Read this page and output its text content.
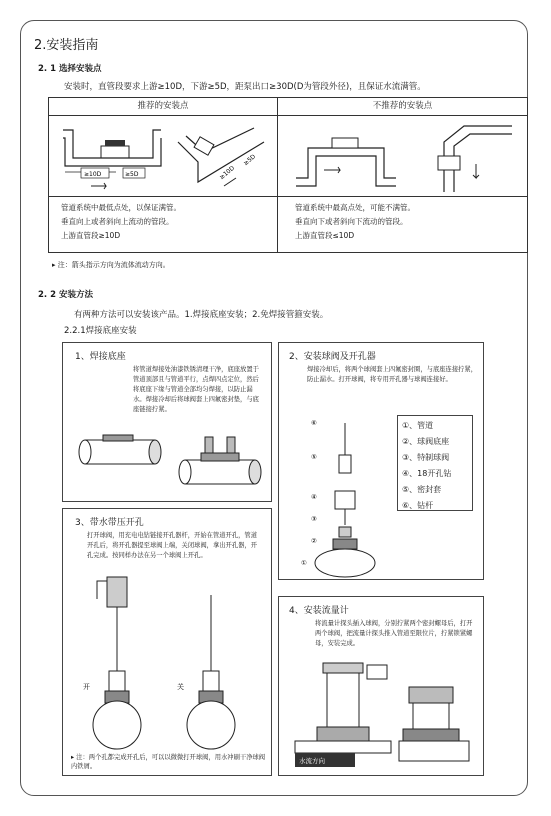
2.安装指南
2. 1 选择安装点
安装时，直管段要求上游≥10D，下游≥5D，距泵出口≥30D(D为管段外径)，且保证水流满管。
推荐的安装点	不推荐的安装点
≥10D	≥5D	≥10D
≥5D
管道系统中最低点处，以保证满管。
垂直向上或者斜向上流动的管段。
上游直管段≥10D
管道系统中最高点处，可能不满管。
垂直向下或者斜向下流动的管段。
上游直管段≤10D
▸ 注：箭头指示方向为流体流动方向。
2. 2 安装方法
有两种方法可以安装该产品。1.焊接底座安装；2.免焊接管箍安装。
2.2.1焊接底座安装
1、焊接底座
将管道焊接处油漆铁锈清理干净，底座放置于管道顶部且与管道平行，点焊四点定位，然后将底座下缘与管道全部均匀焊接，以防止漏水。焊接冷却后将球阀套上四氟密封垫，与底座链接拧紧。
2、安装球阀及开孔器
焊接冷却后，将两个球阀套上四氟密封圈，与底座连接拧紧，防止漏水。打开球阀，将专用开孔器与球阀连接好。
⑥
⑤
④
③
②
①
①、管道
②、球阀底座
③、特制球阀
④、18开孔钻
⑤、密封套
⑥、钻杆
3、带水带压开孔
打开球阀，用充电电钻链接开孔器杆，开始在管道开孔，管道开孔后，将开孔器提至球阀上端，关闭球阀，拿出开孔器，开孔完成。按同样办法在另一个球阀上开孔。
开	关
▸ 注：两个孔都完成开孔后，可以以微微打开球阀，用水冲刷干净球阀内铁屑。
4、安装流量计
将流量计探头插入球阀，分别拧紧两个密封螺母后，打开两个球阀，把流量计探头推入管道至限位片，拧紧锁紧螺母，安装完成。
水流方向
